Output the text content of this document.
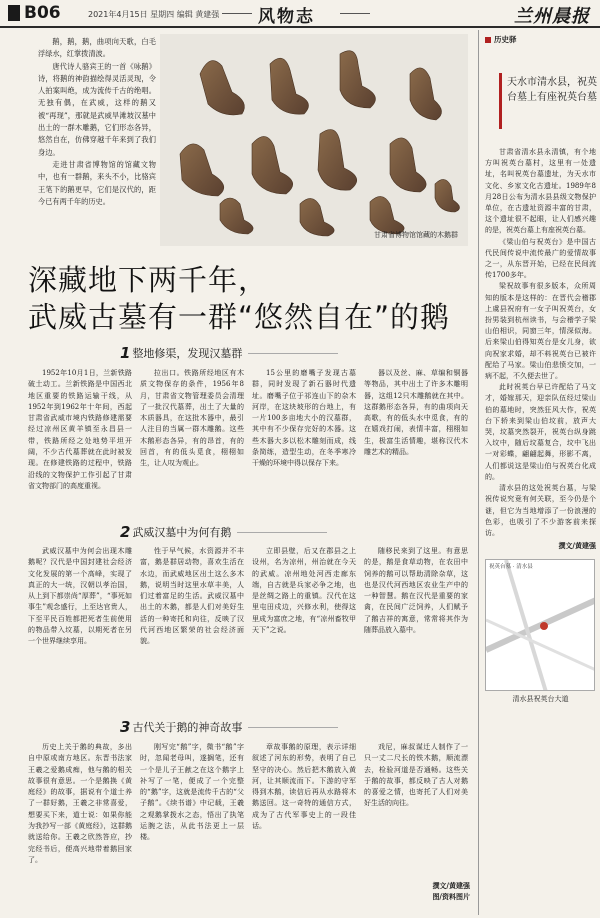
B06	2021年4月15日 星期四 编辑 黄建强 风物志	兰州晨报

鹅，鹅，鹅，曲项向天歌，白毛浮绿水，红掌拨清波。

唐代诗人骆宾王的一首《咏鹅》诗，将鹅的神韵描绘得灵活灵现，令人拍案叫绝，成为流传千古的绝唱。无独有偶，在武威，这样的鹅又被“再现”，那就是武威旱滩坡汉墓中出土的一群木雕鹅，它们形态各异，悠然自在，仿佛穿越千年来到了我们身边。

走进甘肃省博物馆的馆藏文物中，也有一群鹅，来头不小，比骆宾王笔下的鹅更早，它们是汉代的，距今已有两千年的历史。

甘肃省博物馆馆藏的木鹅群
深藏地下两千年，
武威古墓有一群“悠然自在”的鹅
1 整地修渠，发现汉墓群

1952年10月1日，兰新铁路破土动工。兰新铁路是中国西北地区重要的铁路运输干线，从1952年到1962年十年间，西起甘肃省武威市境内铁路修建需要经过凉州区黄羊镇至永昌县一带，铁路所经之处地势平坦开阔，不少古代墓葬就在此时被发现。在修建铁路的过程中，铁路沿线的文物保护工作引起了甘肃省文物部门的高度重视。

拉出口。铁路所经地区有木质文物保存的条件，1956年8月，甘肃省文物管理委员会清理了一批汉代墓葬，出土了大量的木质器具，在这批木器中，最引人注目的当属一群木雕鹅。这些木鹅形态各异，有的昂首，有的回首，有的低头觅食，栩栩如生，让人叹为观止。

15公里的磨嘴子发现古墓群，同时发现了新石器时代遗址。磨嘴子位于祁连山下的杂木河岸，在这块坡形的台地上，有一片100多亩地大小的汉墓群，其中有不少保存完好的木器。这些木器大多以松木雕刻而成，线条简练，造型生动，在冬季寒冷干燥的环境中得以保存下来。

器以及丝、麻、草编和铜器等物品，其中出土了许多木雕明器，这组12只木雕鹅就在其中。这群鹅形态各异，有的曲项向天高歌，有的低头水中觅食，有的在嬉戏打闹，表情丰富，栩栩如生，极富生活情趣，堪称汉代木雕艺术的精品。

2 武威汉墓中为何有鹅

武威汉墓中为何会出现木雕鹅呢？汉代是中国封建社会经济文化发展的第一个高峰，实现了真正的大一统，汉朝以孝治国，从上到下都崇尚“厚葬”，“事死如事生”观念盛行，上至达官贵人，下至平民百姓都把死者生前使用的物品带入坟墓，以期死者在另一个世界继续享用。

性于早气候，水资源并不丰富，鹅是群居动物，喜欢生活在水边，而武威地区出土这么多木鹅，说明当时这里水草丰美，人们过着富足的生活。武威汉墓中出土的木鹅，都是人们对美好生活的一种寄托和向往，反映了汉代河西地区繁荣的社会经济面貌。

立即县壁，后又在郡县之上设州，名为凉州，州治就在今天的武威。凉州地处河西走廊东端，自古就是兵家必争之地，也是丝绸之路上的重镇。汉代在这里屯田戍边，兴修水利，使得这里成为富庶之地，有“凉州畜牧甲天下”之说。

随移民来到了这里。有意思的是，鹅是食草动物，在农田中饲养的鹅可以帮助清除杂草，这也是汉代河西地区农业生产中的一种智慧。鹅在汉代是重要的家禽，在民间广泛饲养，人们赋予了鹅吉祥的寓意，常常将其作为随葬品放入墓中。

3 古代关于鹅的神奇故事

历史上关于鹅的典故，多出自中原或南方地区。东晋书法家王羲之爱鹅成痴，他与鹅的相关故事很有意思。一个是鹅换《黄庭经》的故事，据说有个道士养了一群好鹅，王羲之非常喜爱，想要买下来，道士说：如果你能为我抄写一部《黄庭经》，这群鹅就送给你。王羲之欣然答应，抄完经书后，便高兴地带着鹅回家了。

刚写完“鹅”字，微书“鹅”字时，忽闻老母叫，遂搁笔，还有一个是儿子王献之在这个鹅字上补写了一笔，便成了一个完整的“鹅”字，这就是流传千古的“父子鹅”。《续书谱》中记载，王羲之观鹅掌拨水之态，悟出了执笔运腕之法，从此书法更上一层楼。

章故事鹅的原理，表示详细叙述了河东的形势，表明了自己坚守的决心。然后把木鹅放入黄河，让其顺流而下。下游的守军得到木鹅，读信后再从水路将木鹅送回。这一奇特的通信方式，成为了古代军事史上的一段佳话。

戏尼，麻叔谋迁人制作了一只一丈二尺长的铁木鹅，顺流漂去，检验河道是否通畅。这些关于鹅的故事，都反映了古人对鹅的喜爱之情，也寄托了人们对美好生活的向往。

撰文/黄建强
图/资料图片
历史驿
天水市清水县，祝英台墓上有座祝英台墓

甘肃省清水县永清镇，有个地方叫祝英台墓村，这里有一处遗址，名叫祝英台墓遗址，为天水市文化、乡家文化古遗址。1989年8月28日公布为清水县县级文物保护单位，在古遗址资源丰富的甘肃，这个遗址很不起眼，让人们感兴趣的是，祝英台墓上有座祝英台墓。

《梁山伯与祝英台》是中国古代民间传说中流传最广的爱情故事之一，从东晋开始，已经在民间流传1700多年。

梁祝故事有很多版本，众所周知的版本是这样的：在晋代会稽郡上虞县祝府有一女子叫祝英台，女扮男装到杭州读书，与会稽学子梁山伯相识，同窗三年，情深似海。后来梁山伯得知英台是女儿身，欲向祝家求婚，却不料祝英台已被许配给了马家。梁山伯悲愤交加，一病不起，不久便去世了。

此时祝英台早已许配给了马文才，婚嫁那天，迎亲队伍经过梁山伯的墓地时，突然狂风大作，祝英台下轿来到梁山伯坟前，放声大哭，坟墓突然裂开，祝英台纵身跳入坟中，随后坟墓复合，坟中飞出一对彩蝶，翩翩起舞，形影不离，人们都说这是梁山伯与祝英台化成的。

清水县的这处祝英台墓，与梁祝传说究竟有何关联，至今仍是个谜，但它为当地增添了一份浪漫的色彩，也吸引了不少游客前来探访。

撰文/黄建强
祝英台墓 · 清水县
清水县祝英台大道
